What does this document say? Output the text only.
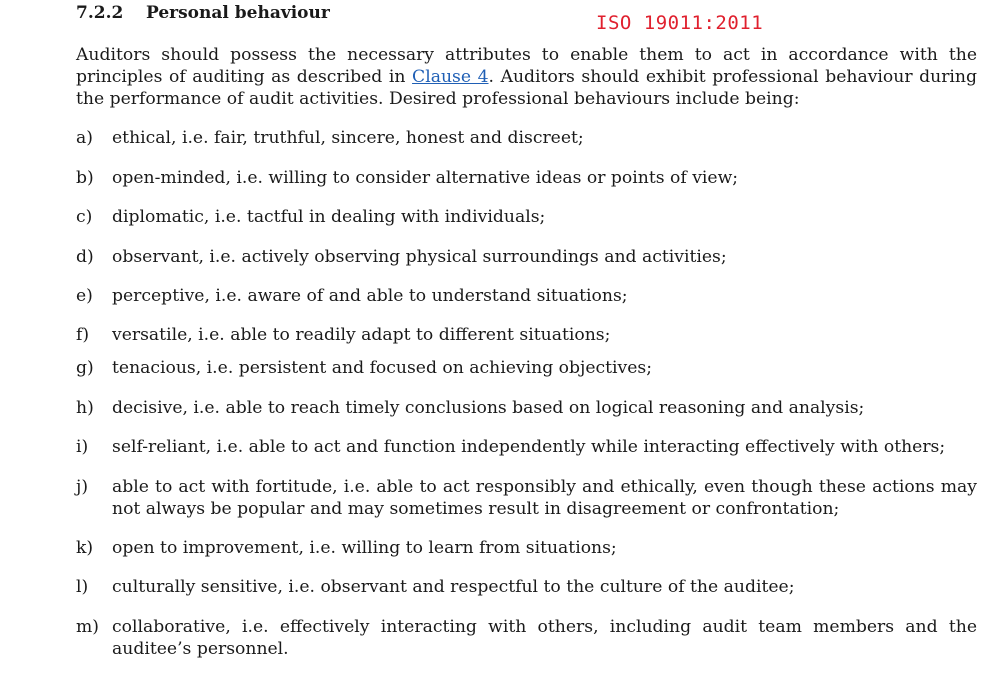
7.2.2 Personal behaviour	ISO 19011:2011

Auditors should possess the necessary attributes to enable them to act in accordance with the principles of auditing as described in Clause 4. Auditors should exhibit professional behaviour during the performance of audit activities. Desired professional behaviours include being:

a)	ethical, i.e. fair, truthful, sincere, honest and discreet;
b)	open-minded, i.e. willing to consider alternative ideas or points of view;
c)	diplomatic, i.e. tactful in dealing with individuals;
d)	observant, i.e. actively observing physical surroundings and activities;
e)	perceptive, i.e. aware of and able to understand situations;
f)	versatile, i.e. able to readily adapt to different situations;
g)	tenacious, i.e. persistent and focused on achieving objectives;
h)	decisive, i.e. able to reach timely conclusions based on logical reasoning and analysis;
i)	self-reliant, i.e. able to act and function independently while interacting effectively with others;
j)	able to act with fortitude, i.e. able to act responsibly and ethically, even though these actions may not always be popular and may sometimes result in disagreement or confrontation;
k)	open to improvement, i.e. willing to learn from situations;
l)	culturally sensitive, i.e. observant and respectful to the culture of the auditee;
m) collaborative, i.e. effectively interacting with others, including audit team members and the auditee’s personnel.
